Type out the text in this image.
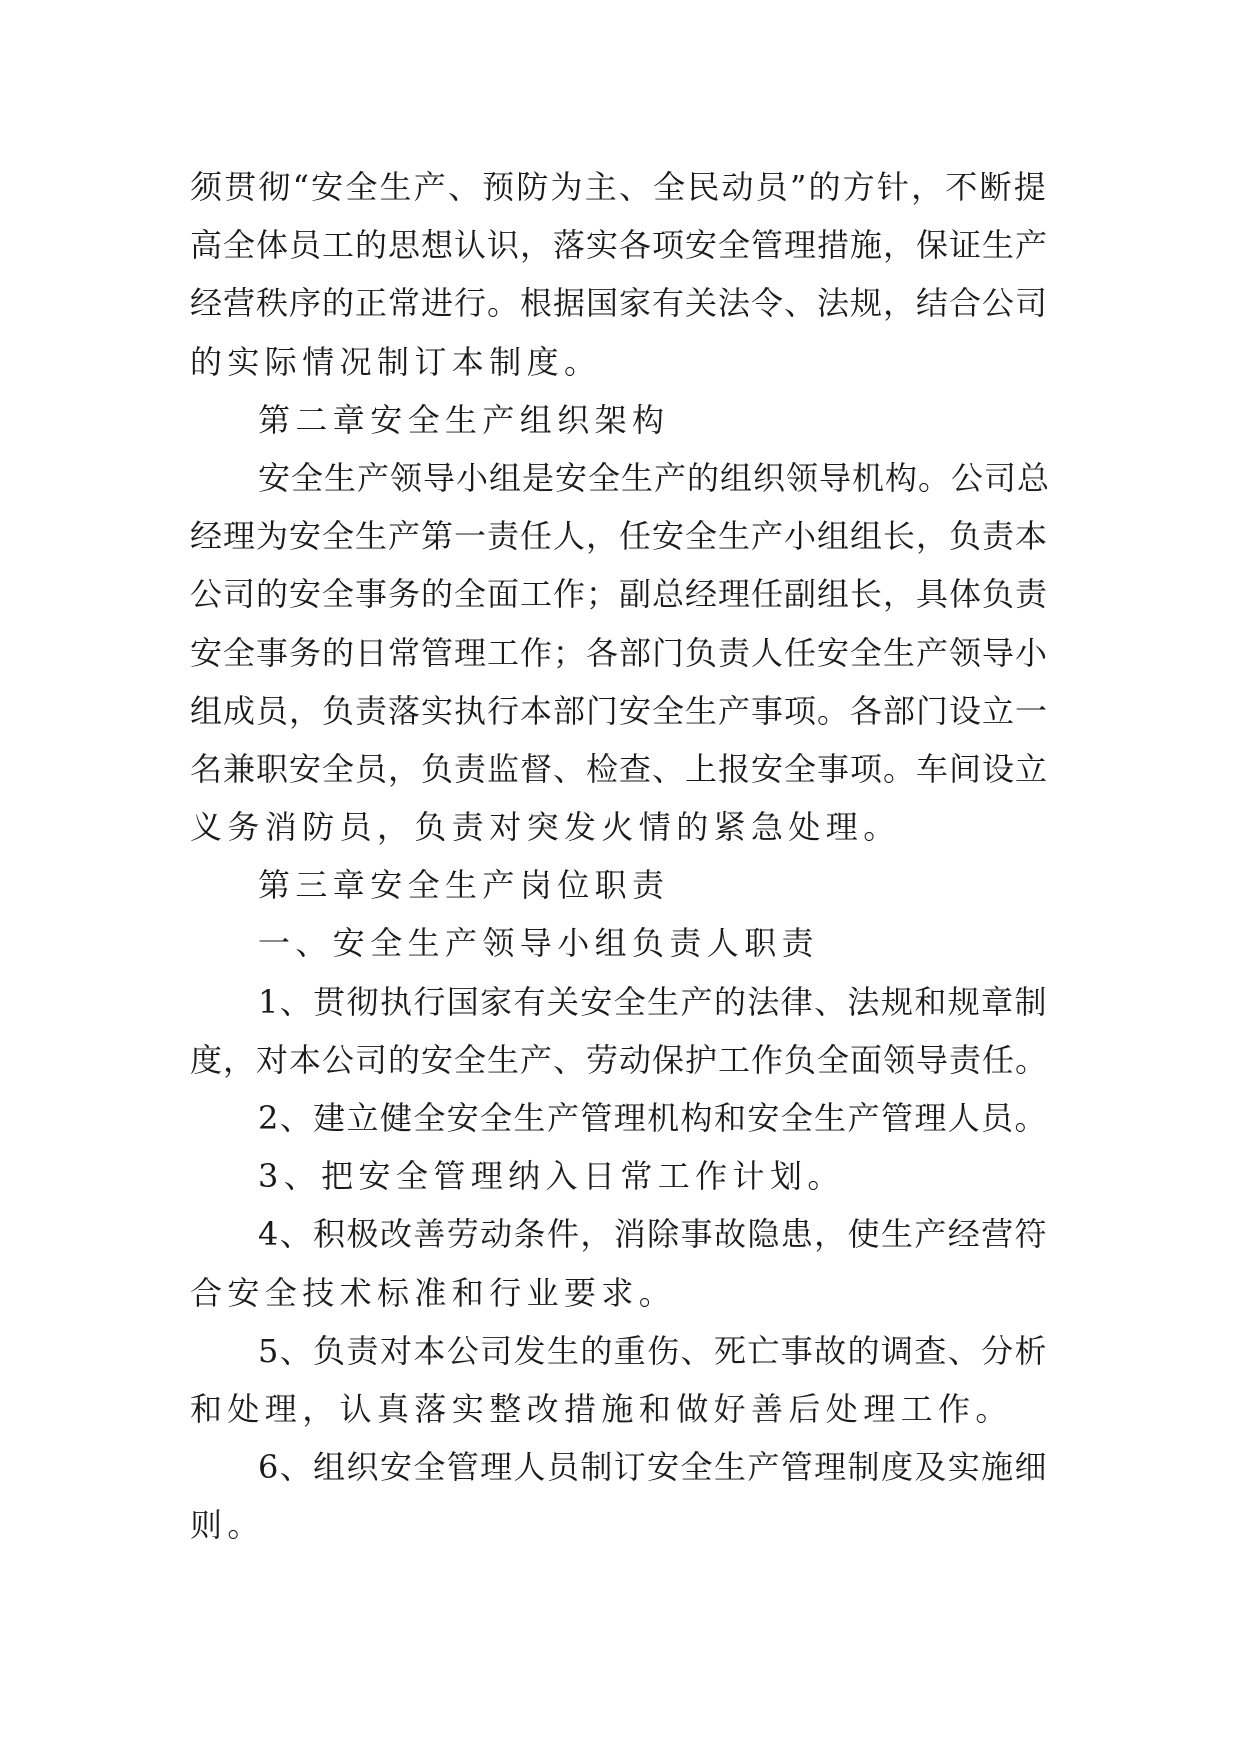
须贯彻“安全生产、预防为主、全民动员”的方针，不断提
高全体员工的思想认识，落实各项安全管理措施，保证生产
经营秩序的正常进行。根据国家有关法令、法规，结合公司
的实际情况制订本制度。
第二章安全生产组织架构
安全生产领导小组是安全生产的组织领导机构。公司总
经理为安全生产第一责任人，任安全生产小组组长，负责本
公司的安全事务的全面工作；副总经理任副组长，具体负责
安全事务的日常管理工作；各部门负责人任安全生产领导小
组成员，负责落实执行本部门安全生产事项。各部门设立一
名兼职安全员，负责监督、检查、上报安全事项。车间设立
义务消防员，负责对突发火情的紧急处理。
第三章安全生产岗位职责
一、安全生产领导小组负责人职责
1、贯彻执行国家有关安全生产的法律、法规和规章制
度，对本公司的安全生产、劳动保护工作负全面领导责任。
2、建立健全安全生产管理机构和安全生产管理人员。
3、把安全管理纳入日常工作计划。
4、积极改善劳动条件，消除事故隐患，使生产经营符
合安全技术标准和行业要求。
5、负责对本公司发生的重伤、死亡事故的调查、分析
和处理，认真落实整改措施和做好善后处理工作。
6、组织安全管理人员制订安全生产管理制度及实施细
则。
